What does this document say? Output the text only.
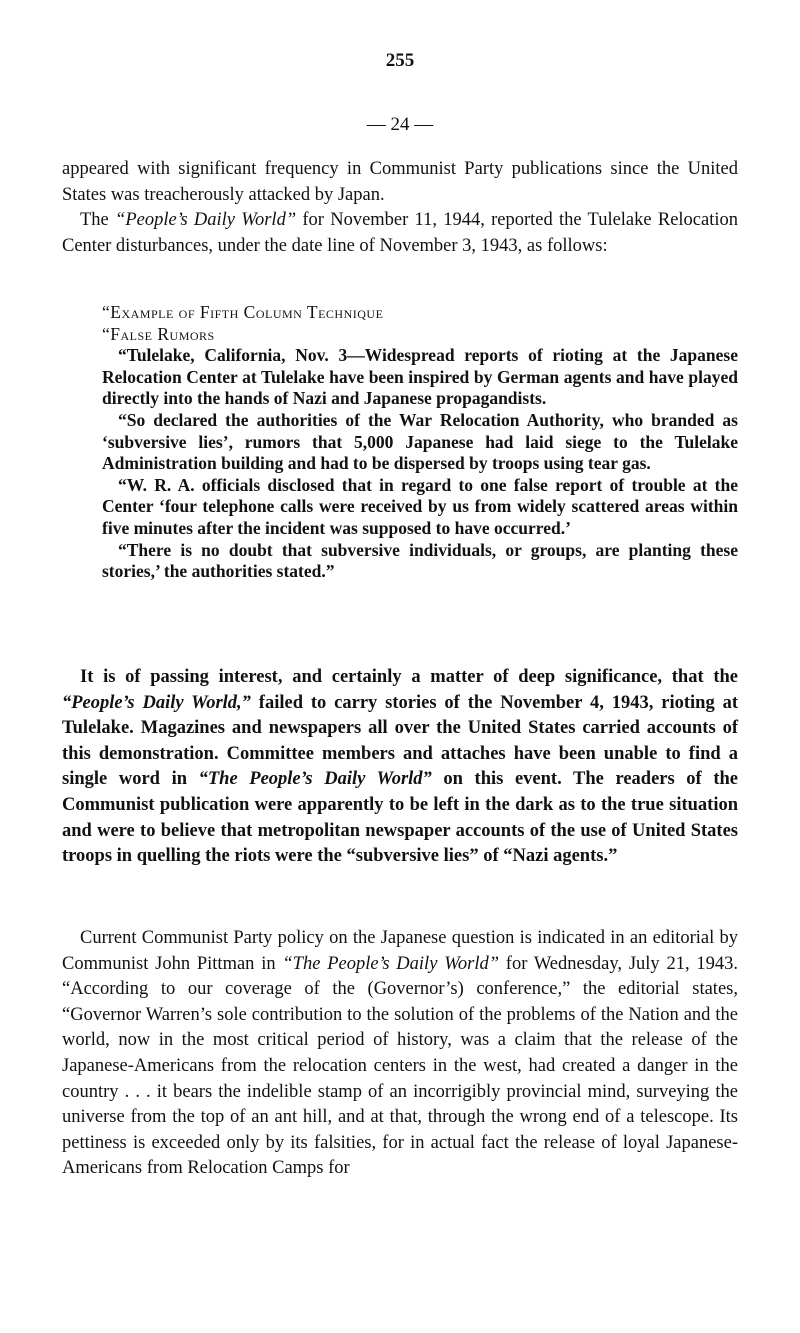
255
— 24 —

appeared with significant frequency in Communist Party publications since the United States was treacherously attacked by Japan.

The “People’s Daily World” for November 11, 1944, reported the Tulelake Relocation Center disturbances, under the date line of November 3, 1943, as follows:

“Example of Fifth Column Technique

“False Rumors

“Tulelake, California, Nov. 3—Widespread reports of rioting at the Japanese Relocation Center at Tulelake have been inspired by German agents and have played directly into the hands of Nazi and Japanese propagandists.

“So declared the authorities of the War Relocation Authority, who branded as ‘subversive lies’, rumors that 5,000 Japanese had laid siege to the Tulelake Administration building and had to be dispersed by troops using tear gas.

“W. R. A. officials disclosed that in regard to one false report of trouble at the Center ‘four telephone calls were received by us from widely scattered areas within five minutes after the incident was supposed to have occurred.’

“There is no doubt that subversive individuals, or groups, are planting these stories,’ the authorities stated.”

It is of passing interest, and certainly a matter of deep significance, that the “People’s Daily World,” failed to carry stories of the November 4, 1943, rioting at Tulelake. Magazines and newspapers all over the United States carried accounts of this demonstration. Committee members and attaches have been unable to find a single word in “The People’s Daily World” on this event. The readers of the Communist publication were apparently to be left in the dark as to the true situation and were to believe that metropolitan newspaper accounts of the use of United States troops in quelling the riots were the “subversive lies” of “Nazi agents.”

Current Communist Party policy on the Japanese question is indicated in an editorial by Communist John Pittman in “The People’s Daily World” for Wednesday, July 21, 1943. “According to our coverage of the (Governor’s) conference,” the editorial states, “Governor Warren’s sole contribution to the solution of the problems of the Nation and the world, now in the most critical period of history, was a claim that the release of the Japanese-Americans from the relocation centers in the west, had created a danger in the country . . . it bears the indelible stamp of an incorrigibly provincial mind, surveying the universe from the top of an ant hill, and at that, through the wrong end of a telescope. Its pettiness is exceeded only by its falsities, for in actual fact the release of loyal Japanese-Americans from Relocation Camps for
